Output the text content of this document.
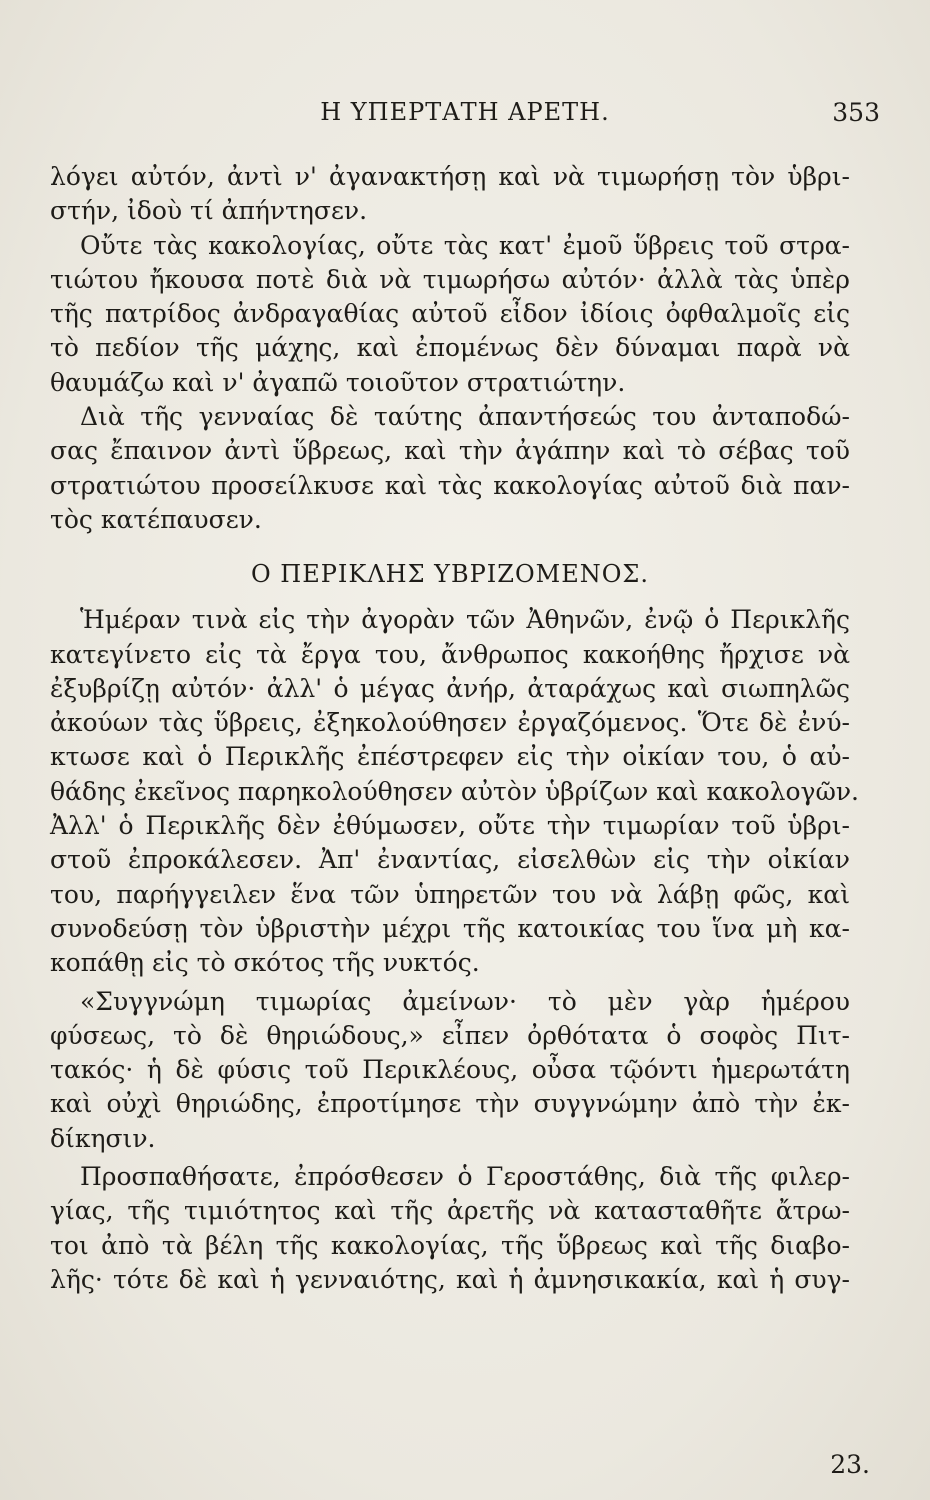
Η ΥΠΕΡΤΑΤΗ ΑΡΕΤΗ.	353
λόγει αὐτόν, ἀντὶ ν' ἀγανακτήσῃ καὶ νὰ τιμωρήσῃ τὸν ὑβρι-
στήν, ἰδοὺ τί ἀπήντησεν.
Οὔτε τὰς κακολογίας, οὔτε τὰς κατ' ἐμοῦ ὕβρεις τοῦ στρα-
τιώτου ἤκουσα ποτὲ διὰ νὰ τιμωρήσω αὐτόν· ἀλλὰ τὰς ὑπὲρ
τῆς πατρίδος ἀνδραγαθίας αὐτοῦ εἶδον ἰδίοις ὀφθαλμοῖς εἰς
τὸ πεδίον τῆς μάχης, καὶ ἐπομένως δὲν δύναμαι παρὰ νὰ
θαυμάζω καὶ ν' ἀγαπῶ τοιοῦτον στρατιώτην.
Διὰ τῆς γενναίας δὲ ταύτης ἀπαντήσεώς του ἀνταποδώ-
σας ἔπαινον ἀντὶ ὕβρεως, καὶ τὴν ἀγάπην καὶ τὸ σέβας τοῦ
στρατιώτου προσείλκυσε καὶ τὰς κακολογίας αὐτοῦ διὰ παν-
τὸς κατέπαυσεν.
Ο ΠΕΡΙΚΛΗΣ ΥΒΡΙΖΟΜΕΝΟΣ.
Ἡμέραν τινὰ εἰς τὴν ἀγορὰν τῶν Ἀθηνῶν, ἐνῷ ὁ Περικλῆς
κατεγίνετο εἰς τὰ ἔργα του, ἄνθρωπος κακοήθης ἤρχισε νὰ
ἐξυβρίζῃ αὐτόν· ἀλλ' ὁ μέγας ἀνήρ, ἀταράχως καὶ σιωπηλῶς
ἀκούων τὰς ὕβρεις, ἐξηκολούθησεν ἐργαζόμενος. Ὅτε δὲ ἐνύ-
κτωσε καὶ ὁ Περικλῆς ἐπέστρεφεν εἰς τὴν οἰκίαν του, ὁ αὐ-
θάδης ἐκεῖνος παρηκολούθησεν αὐτὸν ὑβρίζων καὶ κακολογῶν.
Ἀλλ' ὁ Περικλῆς δὲν ἐθύμωσεν, οὔτε τὴν τιμωρίαν τοῦ ὑβρι-
στοῦ ἐπροκάλεσεν. Ἀπ' ἐναντίας, εἰσελθὼν εἰς τὴν οἰκίαν
του, παρήγγειλεν ἕνα τῶν ὑπηρετῶν του νὰ λάβῃ φῶς, καὶ
συνοδεύσῃ τὸν ὑβριστὴν μέχρι τῆς κατοικίας του ἵνα μὴ κα-
κοπάθῃ εἰς τὸ σκότος τῆς νυκτός.
«Συγγνώμη τιμωρίας ἀμείνων· τὸ μὲν γὰρ ἡμέρου
φύσεως, τὸ δὲ θηριώδους,» εἶπεν ὀρθότατα ὁ σοφὸς Πιτ-
τακός· ἡ δὲ φύσις τοῦ Περικλέους, οὖσα τῷόντι ἡμερωτάτη
καὶ οὐχὶ θηριώδης, ἐπροτίμησε τὴν συγγνώμην ἀπὸ τὴν ἐκ-
δίκησιν.
Προσπαθήσατε, ἐπρόσθεσεν ὁ Γεροστάθης, διὰ τῆς φιλερ-
γίας, τῆς τιμιότητος καὶ τῆς ἀρετῆς νὰ κατασταθῆτε ἄτρω-
τοι ἀπὸ τὰ βέλη τῆς κακολογίας, τῆς ὕβρεως καὶ τῆς διαβο-
λῆς· τότε δὲ καὶ ἡ γενναιότης, καὶ ἡ ἀμνησικακία, καὶ ἡ συγ-
23.
